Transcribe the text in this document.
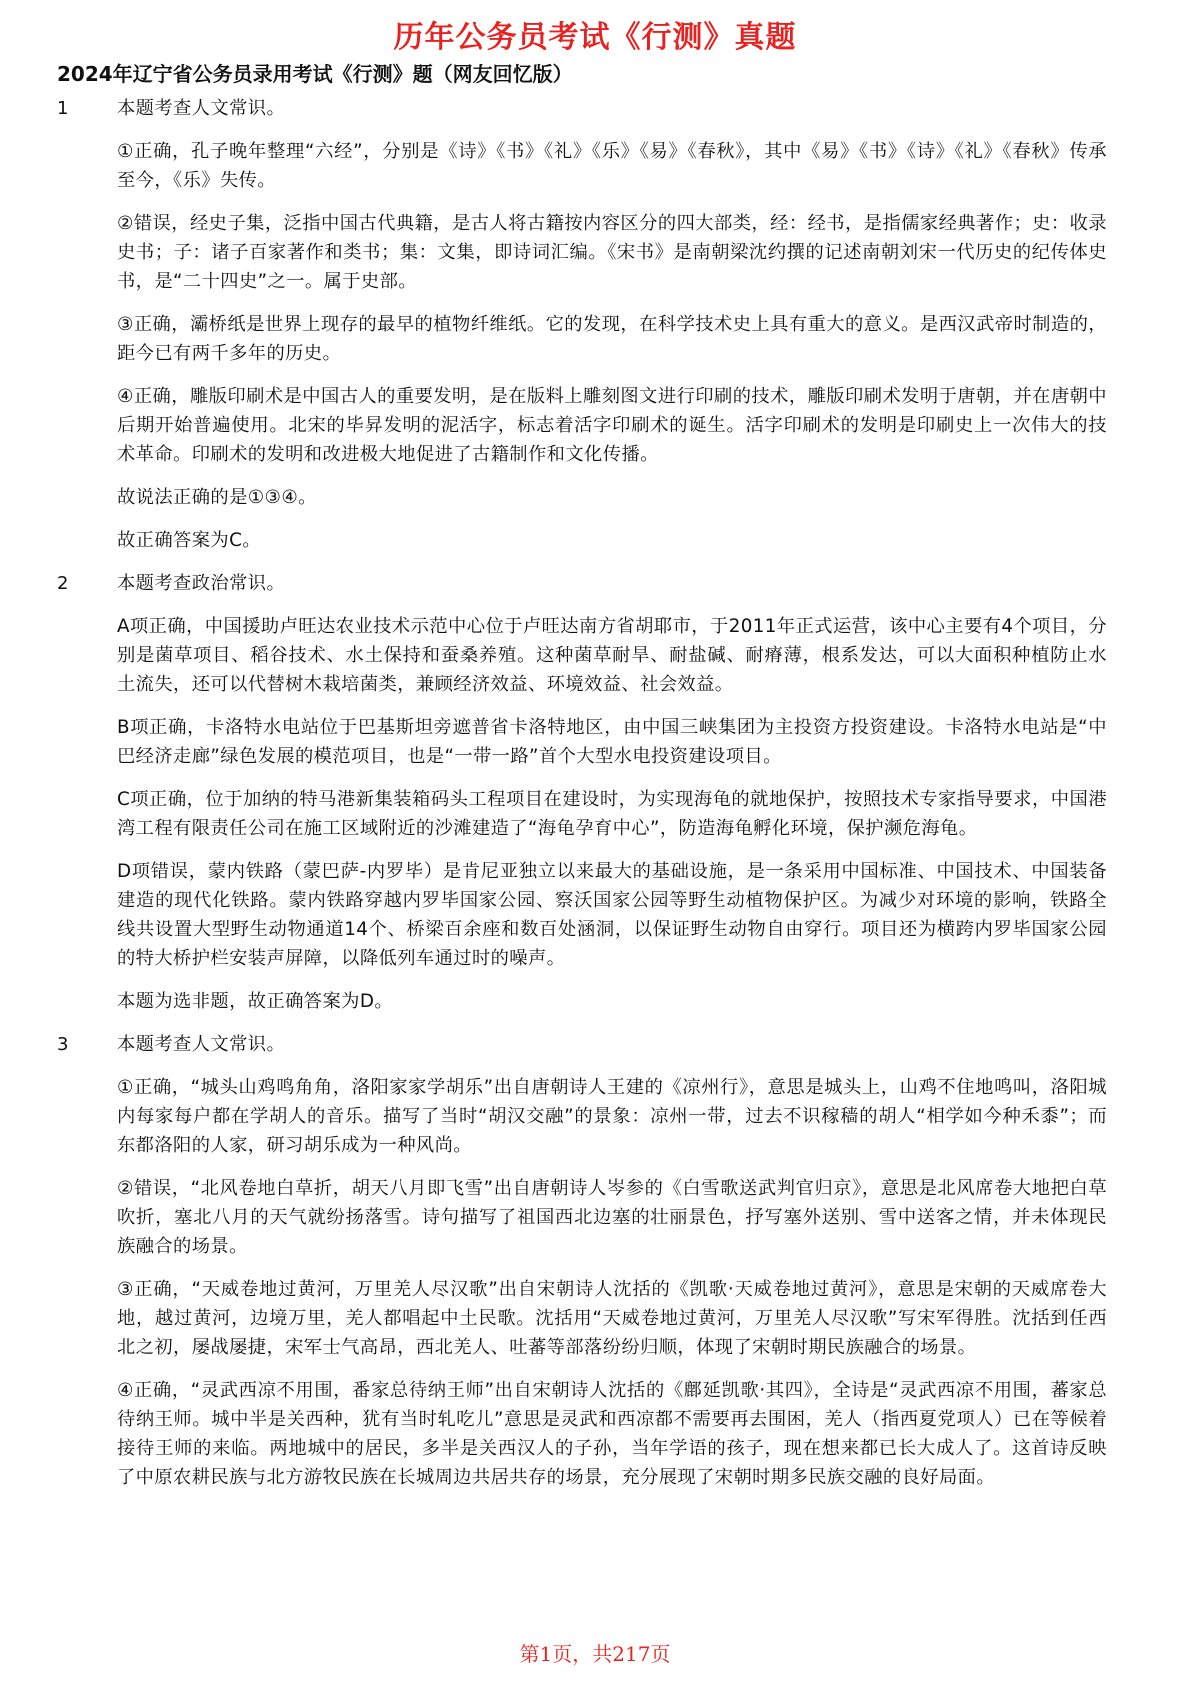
历年公务员考试《行测》真题
2024年辽宁省公务员录用考试《行测》题（网友回忆版）
1	本题考查人文常识。

①正确，孔子晚年整理“六经”，分别是《诗》《书》《礼》《乐》《易》《春秋》，其中《易》《书》《诗》《礼》《春秋》传承至今，《乐》失传。

②错误，经史子集，泛指中国古代典籍，是古人将古籍按内容区分的四大部类，经：经书，是指儒家经典著作；史：收录史书；子：诸子百家著作和类书；集：文集，即诗词汇编。《宋书》是南朝梁沈约撰的记述南朝刘宋一代历史的纪传体史书，是“二十四史”之一。属于史部。

③正确，灞桥纸是世界上现存的最早的植物纤维纸。它的发现，在科学技术史上具有重大的意义。是西汉武帝时制造的，距今已有两千多年的历史。

④正确，雕版印刷术是中国古人的重要发明，是在版料上雕刻图文进行印刷的技术，雕版印刷术发明于唐朝，并在唐朝中后期开始普遍使用。北宋的毕昇发明的泥活字，标志着活字印刷术的诞生。活字印刷术的发明是印刷史上一次伟大的技术革命。印刷术的发明和改进极大地促进了古籍制作和文化传播。

故说法正确的是①③④。

故正确答案为C。

2	本题考查政治常识。

A项正确，中国援助卢旺达农业技术示范中心位于卢旺达南方省胡耶市，于2011年正式运营，该中心主要有4个项目，分别是菌草项目、稻谷技术、水土保持和蚕桑养殖。这种菌草耐旱、耐盐碱、耐瘠薄，根系发达，可以大面积种植防止水土流失，还可以代替树木栽培菌类，兼顾经济效益、环境效益、社会效益。

B项正确，卡洛特水电站位于巴基斯坦旁遮普省卡洛特地区，由中国三峡集团为主投资方投资建设。卡洛特水电站是“中巴经济走廊”绿色发展的模范项目，也是“一带一路”首个大型水电投资建设项目。

C项正确，位于加纳的特马港新集装箱码头工程项目在建设时，为实现海龟的就地保护，按照技术专家指导要求，中国港湾工程有限责任公司在施工区域附近的沙滩建造了“海龟孕育中心”，防造海龟孵化环境，保护濒危海龟。

D项错误，蒙内铁路（蒙巴萨-内罗毕）是肯尼亚独立以来最大的基础设施，是一条采用中国标准、中国技术、中国装备建造的现代化铁路。蒙内铁路穿越内罗毕国家公园、察沃国家公园等野生动植物保护区。为减少对环境的影响，铁路全线共设置大型野生动物通道14个、桥梁百余座和数百处涵洞，以保证野生动物自由穿行。项目还为横跨内罗毕国家公园的特大桥护栏安装声屏障，以降低列车通过时的噪声。

本题为选非题，故正确答案为D。

3	本题考查人文常识。

①正确，“城头山鸡鸣角角，洛阳家家学胡乐”出自唐朝诗人王建的《凉州行》，意思是城头上，山鸡不住地鸣叫，洛阳城内每家每户都在学胡人的音乐。描写了当时“胡汉交融”的景象：凉州一带，过去不识稼穑的胡人“相学如今种禾黍”；而东都洛阳的人家，研习胡乐成为一种风尚。

②错误，“北风卷地白草折，胡天八月即飞雪”出自唐朝诗人岑参的《白雪歌送武判官归京》，意思是北风席卷大地把白草吹折，塞北八月的天气就纷扬落雪。诗句描写了祖国西北边塞的壮丽景色，抒写塞外送别、雪中送客之情，并未体现民族融合的场景。

③正确，“天威卷地过黄河，万里羌人尽汉歌”出自宋朝诗人沈括的《凯歌·天威卷地过黄河》，意思是宋朝的天威席卷大地，越过黄河，边境万里，羌人都唱起中土民歌。沈括用“天威卷地过黄河，万里羌人尽汉歌”写宋军得胜。沈括到任西北之初，屡战屡捷，宋军士气高昂，西北羌人、吐蕃等部落纷纷归顺，体现了宋朝时期民族融合的场景。

④正确，“灵武西凉不用围，番家总待纳王师”出自宋朝诗人沈括的《鄜延凯歌·其四》，全诗是“灵武西凉不用围，蕃家总待纳王师。城中半是关西种，犹有当时轧吃儿”意思是灵武和西凉都不需要再去围困，羌人（指西夏党项人）已在等候着接待王师的来临。两地城中的居民，多半是关西汉人的子孙，当年学语的孩子，现在想来都已长大成人了。这首诗反映了中原农耕民族与北方游牧民族在长城周边共居共存的场景，充分展现了宋朝时期多民族交融的良好局面。

第1页，共217页
